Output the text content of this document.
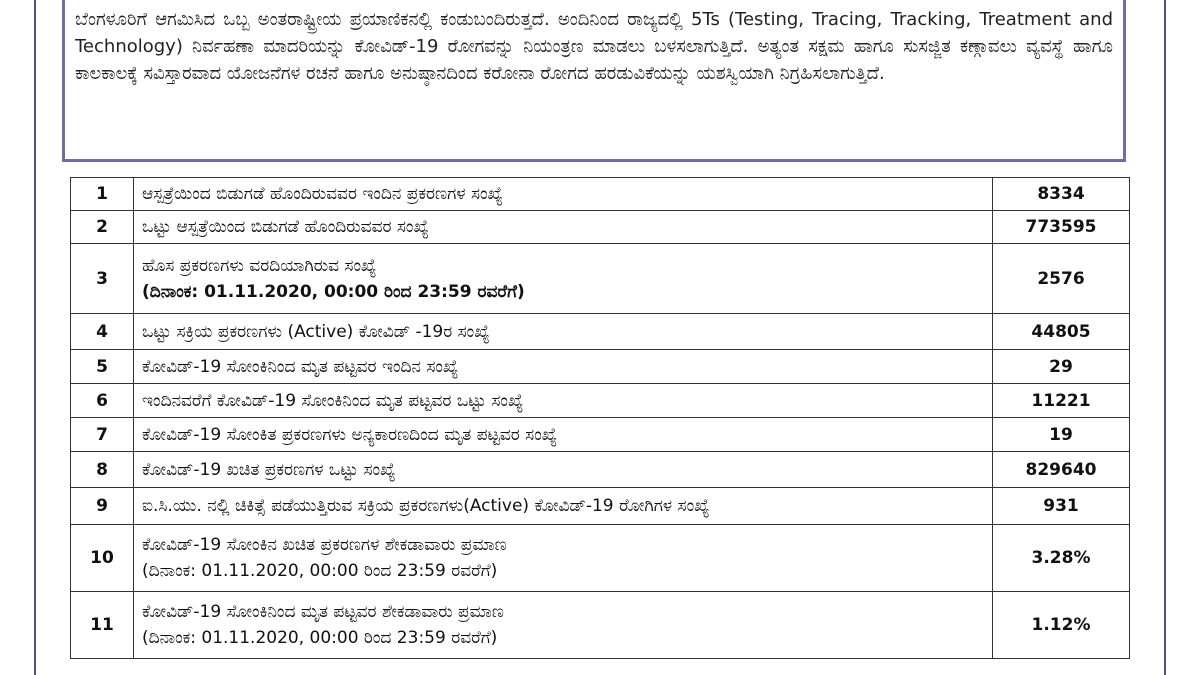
ಬೆಂಗಳೂರಿಗೆ ಆಗಮಿಸಿದ ಒಬ್ಬ ಅಂತರಾಷ್ಟ್ರೀಯ ಪ್ರಯಾಣಿಕನಲ್ಲಿ ಕಂಡುಬಂದಿರುತ್ತದೆ. ಅಂದಿನಿಂದ ರಾಜ್ಯದಲ್ಲಿ 5Ts (Testing, Tracing, Tracking, Treatment and Technology) ನಿರ್ವಹಣಾ ಮಾದರಿಯನ್ನು ಕೋವಿಡ್-19 ರೋಗವನ್ನು ನಿಯಂತ್ರಣ ಮಾಡಲು ಬಳಸಲಾಗುತ್ತಿದೆ. ಅತ್ಯಂತ ಸಕ್ಷಮ ಹಾಗೂ ಸುಸಜ್ಜಿತ ಕಣ್ಗಾವಲು ವ್ಯವಸ್ಥೆ ಹಾಗೂ ಕಾಲಕಾಲಕ್ಕೆ ಸವಿಸ್ತಾರವಾದ ಯೋಜನೆಗಳ ರಚನೆ ಹಾಗೂ ಅನುಷ್ಠಾನದಿಂದ ಕರೋನಾ ರೋಗದ ಹರಡುವಿಕೆಯನ್ನು ಯಶಸ್ವಿಯಾಗಿ ನಿಗ್ರಹಿಸಲಾಗುತ್ತಿದೆ.

1	ಆಸ್ಪತ್ರೆಯಿಂದ ಬಿಡುಗಡೆ ಹೊಂದಿರುವವರ ಇಂದಿನ ಪ್ರಕರಣಗಳ ಸಂಖ್ಯೆ	8334
2	ಒಟ್ಟು ಆಸ್ಪತ್ರೆಯಿಂದ ಬಿಡುಗಡೆ ಹೊಂದಿರುವವರ ಸಂಖ್ಯೆ	773595
3	ಹೊಸ ಪ್ರಕರಣಗಳು ವರದಿಯಾಗಿರುವ ಸಂಖ್ಯೆ
(ದಿನಾಂಕ: 01.11.2020, 00:00 ರಿಂದ 23:59 ರವರೆಗೆ)	2576
4	ಒಟ್ಟು ಸಕ್ರಿಯ ಪ್ರಕರಣಗಳು (Active) ಕೋವಿಡ್ -19ರ ಸಂಖ್ಯೆ	44805
5	ಕೋವಿಡ್-19 ಸೋಂಕಿನಿಂದ ಮೃತ ಪಟ್ಟವರ ಇಂದಿನ ಸಂಖ್ಯೆ	29
6	ಇಂದಿನವರೆಗೆ ಕೋವಿಡ್-19 ಸೋಂಕಿನಿಂದ ಮೃತ ಪಟ್ಟವರ ಒಟ್ಟು ಸಂಖ್ಯೆ	11221
7	ಕೋವಿಡ್-19 ಸೋಂಕಿತ ಪ್ರಕರಣಗಳು ಅನ್ಯಕಾರಣದಿಂದ ಮೃತ ಪಟ್ಟವರ ಸಂಖ್ಯೆ	19
8	ಕೋವಿಡ್-19 ಖಚಿತ ಪ್ರಕರಣಗಳ ಒಟ್ಟು ಸಂಖ್ಯೆ	829640
9	ಐ.ಸಿ.ಯು. ನಲ್ಲಿ ಚಿಕಿತ್ಸೆ ಪಡೆಯುತ್ತಿರುವ ಸಕ್ರಿಯ ಪ್ರಕರಣಗಳು(Active) ಕೋವಿಡ್-19 ರೋಗಿಗಳ ಸಂಖ್ಯೆ	931
10	ಕೋವಿಡ್-19 ಸೋಂಕಿನ ಖಚಿತ ಪ್ರಕರಣಗಳ ಶೇಕಡಾವಾರು ಪ್ರಮಾಣ
(ದಿನಾಂಕ: 01.11.2020, 00:00 ರಿಂದ 23:59 ರವರೆಗೆ)	3.28%
11	ಕೋವಿಡ್-19 ಸೋಂಕಿನಿಂದ ಮೃತ ಪಟ್ಟವರ ಶೇಕಡಾವಾರು ಪ್ರಮಾಣ
(ದಿನಾಂಕ: 01.11.2020, 00:00 ರಿಂದ 23:59 ರವರೆಗೆ)	1.12%
